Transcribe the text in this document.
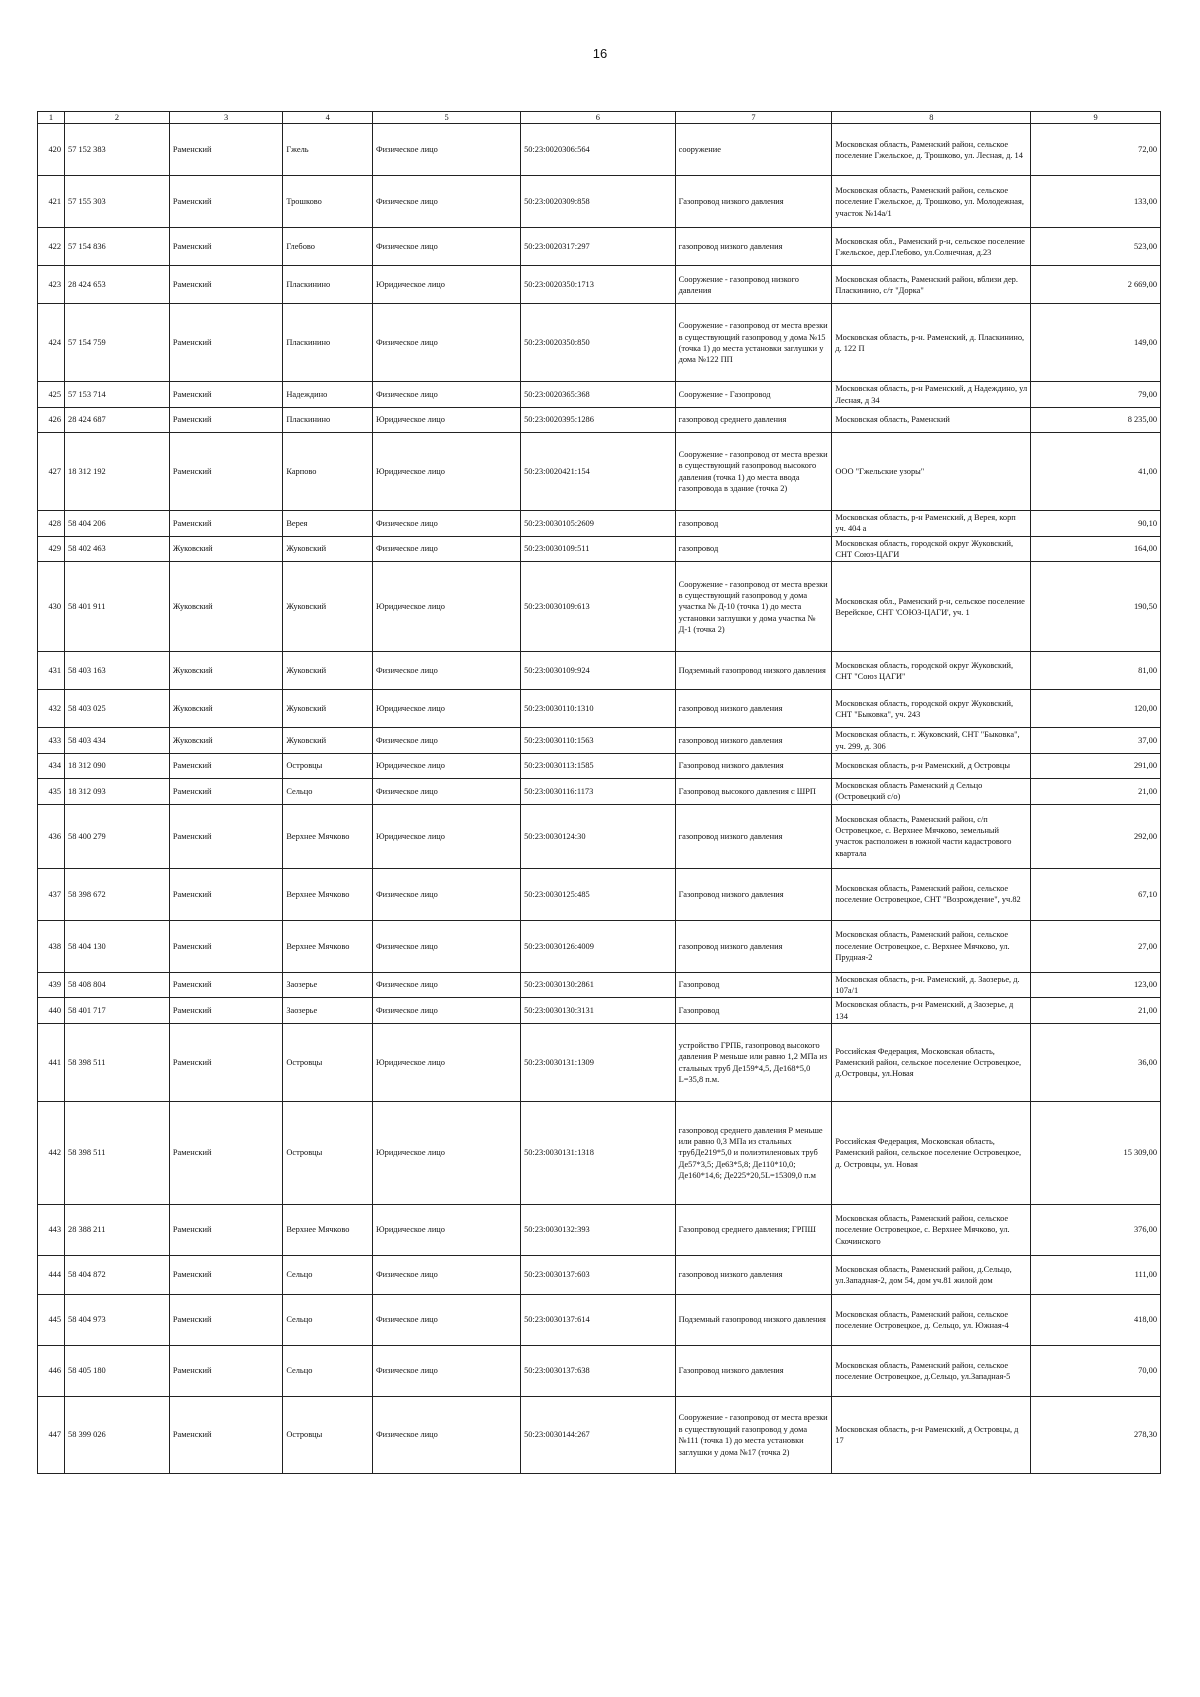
16
1	2	3	4	5	6	7	8	9
420	57 152 383	Раменский	Гжель	Физическое лицо	50:23:0020306:564	сооружение	Московская область, Раменский район, сельское поселение Гжельское, д. Трошково, ул. Лесная, д. 14	72,00
421	57 155 303	Раменский	Трошково	Физическое лицо	50:23:0020309:858	Газопровод низкого давления	Московская область, Раменский район, сельское поселение Гжельское, д. Трошково, ул. Молодежная, участок №14а/1	133,00
422	57 154 836	Раменский	Глебово	Физическое лицо	50:23:0020317:297	газопровод низкого давления	Московская обл., Раменский р-н, сельское поселение Гжельское, дер.Глебово, ул.Солнечная, д.23	523,00
423	28 424 653	Раменский	Пласкинино	Юридическое лицо	50:23:0020350:1713	Сооружение - газопровод низкого давления	Московская область, Раменский район, вблизи дер. Пласкинино, с/т "Дорка"	2 669,00
424	57 154 759	Раменский	Пласкинино	Физическое лицо	50:23:0020350:850	Сооружение - газопровод от места врезки в существующий газопровод у дома №15 (точка 1) до места установки заглушки у дома №122 ПП	Московская область, р-н. Раменский, д. Пласкинино, д. 122 П	149,00
425	57 153 714	Раменский	Надеждино	Физическое лицо	50:23:0020365:368	Сооружение - Газопровод	Московская область, р-н Раменский, д Надеждино, ул Лесная, д 34	79,00
426	28 424 687	Раменский	Пласкинино	Юридическое лицо	50:23:0020395:1286	газопровод среднего давления	Московская область, Раменский	8 235,00
427	18 312 192	Раменский	Карпово	Юридическое лицо	50:23:0020421:154	Сооружение - газопровод от места врезки в существующий газопровод высокого давления (точка 1) до места ввода газопровода в здание (точка 2)	ООО "Гжельские узоры"	41,00
428	58 404 206	Раменский	Верея	Физическое лицо	50:23:0030105:2609	газопровод	Московская область, р-н Раменский, д Верея, корп уч. 404 а	90,10
429	58 402 463	Жуковский	Жуковский	Физическое лицо	50:23:0030109:511	газопровод	Московская область, городской округ Жуковский, СНТ Союз-ЦАГИ	164,00
430	58 401 911	Жуковский	Жуковский	Юридическое лицо	50:23:0030109:613	Сооружение - газопровод от места врезки в существующий газопровод у дома участка № Д-10 (точка 1) до места установки заглушки у дома участка № Д-1 (точка 2)	Московская обл., Раменский р-н, сельское поселение Верейское, СНТ 'СОЮЗ-ЦАГИ', уч. 1	190,50
431	58 403 163	Жуковский	Жуковский	Физическое лицо	50:23:0030109:924	Подземный газопровод низкого давления	Московская область, городской округ Жуковский, СНТ "Союз ЦАГИ"	81,00
432	58 403 025	Жуковский	Жуковский	Юридическое лицо	50:23:0030110:1310	газопровод низкого давления	Московская область, городской округ Жуковский, СНТ "Быковка", уч. 243	120,00
433	58 403 434	Жуковский	Жуковский	Физическое лицо	50:23:0030110:1563	газопровод низкого давления	Московская область, г. Жуковский, СНТ "Быковка", уч. 299, д. 306	37,00
434	18 312 090	Раменский	Островцы	Юридическое лицо	50:23:0030113:1585	Газопровод низкого давления	Московская область, р-н Раменский, д Островцы	291,00
435	18 312 093	Раменский	Сельцо	Физическое лицо	50:23:0030116:1173	Газопровод высокого давления с ШРП	Московская область Раменский д Сельцо (Островецкий с/о)	21,00
436	58 400 279	Раменский	Верхнее Мячково	Юридическое лицо	50:23:0030124:30	газопровод низкого давления	Московская область, Раменский район, с/п Островецкое, с. Верхнее Мячково, земельный участок расположен в южной части кадастрового квартала	292,00
437	58 398 672	Раменский	Верхнее Мячково	Физическое лицо	50:23:0030125:485	Газопровод низкого давления	Московская область, Раменский район, сельское поселение Островецкое, СНТ "Возрождение", уч.82	67,10
438	58 404 130	Раменский	Верхнее Мячково	Физическое лицо	50:23:0030126:4009	газопровод низкого давления	Московская область, Раменский район, сельское поселение Островецкое, с. Верхнее Мячково, ул. Прудная-2	27,00
439	58 408 804	Раменский	Заозерье	Физическое лицо	50:23:0030130:2861	Газопровод	Московская область, р-н. Раменский, д. Заозерье, д. 107а/1	123,00
440	58 401 717	Раменский	Заозерье	Физическое лицо	50:23:0030130:3131	Газопровод	Московская область, р-н Раменский, д Заозерье, д 134	21,00
441	58 398 511	Раменский	Островцы	Юридическое лицо	50:23:0030131:1309	устройство ГРПБ, газопровод высокого давления Р меньше или равно 1,2 МПа из стальных труб Де159*4,5, Де168*5,0 L=35,8 п.м.	Российская Федерация, Московская область, Раменский район, сельское поселение Островецкое, д.Островцы, ул.Новая	36,00
442	58 398 511	Раменский	Островцы	Юридическое лицо	50:23:0030131:1318	газопровод среднего давления Р меньше или равно 0,3 МПа из стальных трубДе219*5,0 и полиэтиленовых труб Де57*3,5; Де63*5,8; Де110*10,0; Де160*14,6; Де225*20,5L=15309,0 п.м	Российская Федерация, Московская область, Раменский район, сельское поселение Островецкое, д. Островцы, ул. Новая	15 309,00
443	28 388 211	Раменский	Верхнее Мячково	Юридическое лицо	50:23:0030132:393	Газопровод среднего давления; ГРПШ	Московская область, Раменский район, сельское поселение Островецкое, с. Верхнее Мячково, ул. Скочинского	376,00
444	58 404 872	Раменский	Сельцо	Физическое лицо	50:23:0030137:603	газопровод низкого давления	Московская область, Раменский район, д.Сельцо, ул.Западная-2, дом 54, дом уч.81 жилой дом	111,00
445	58 404 973	Раменский	Сельцо	Физическое лицо	50:23:0030137:614	Подземный газопровод низкого давления	Московская область, Раменский район, сельское поселение Островецкое, д. Сельцо, ул. Южная-4	418,00
446	58 405 180	Раменский	Сельцо	Физическое лицо	50:23:0030137:638	Газопровод низкого давления	Московская область, Раменский район, сельское поселение Островецкое, д.Сельцо, ул.Западная-5	70,00
447	58 399 026	Раменский	Островцы	Физическое лицо	50:23:0030144:267	Сооружение - газопровод от места врезки в существующий газопровод у дома №111 (точка 1) до места установки заглушки у дома №17 (точка 2)	Московская область, р-н Раменский, д Островцы, д 17	278,30
